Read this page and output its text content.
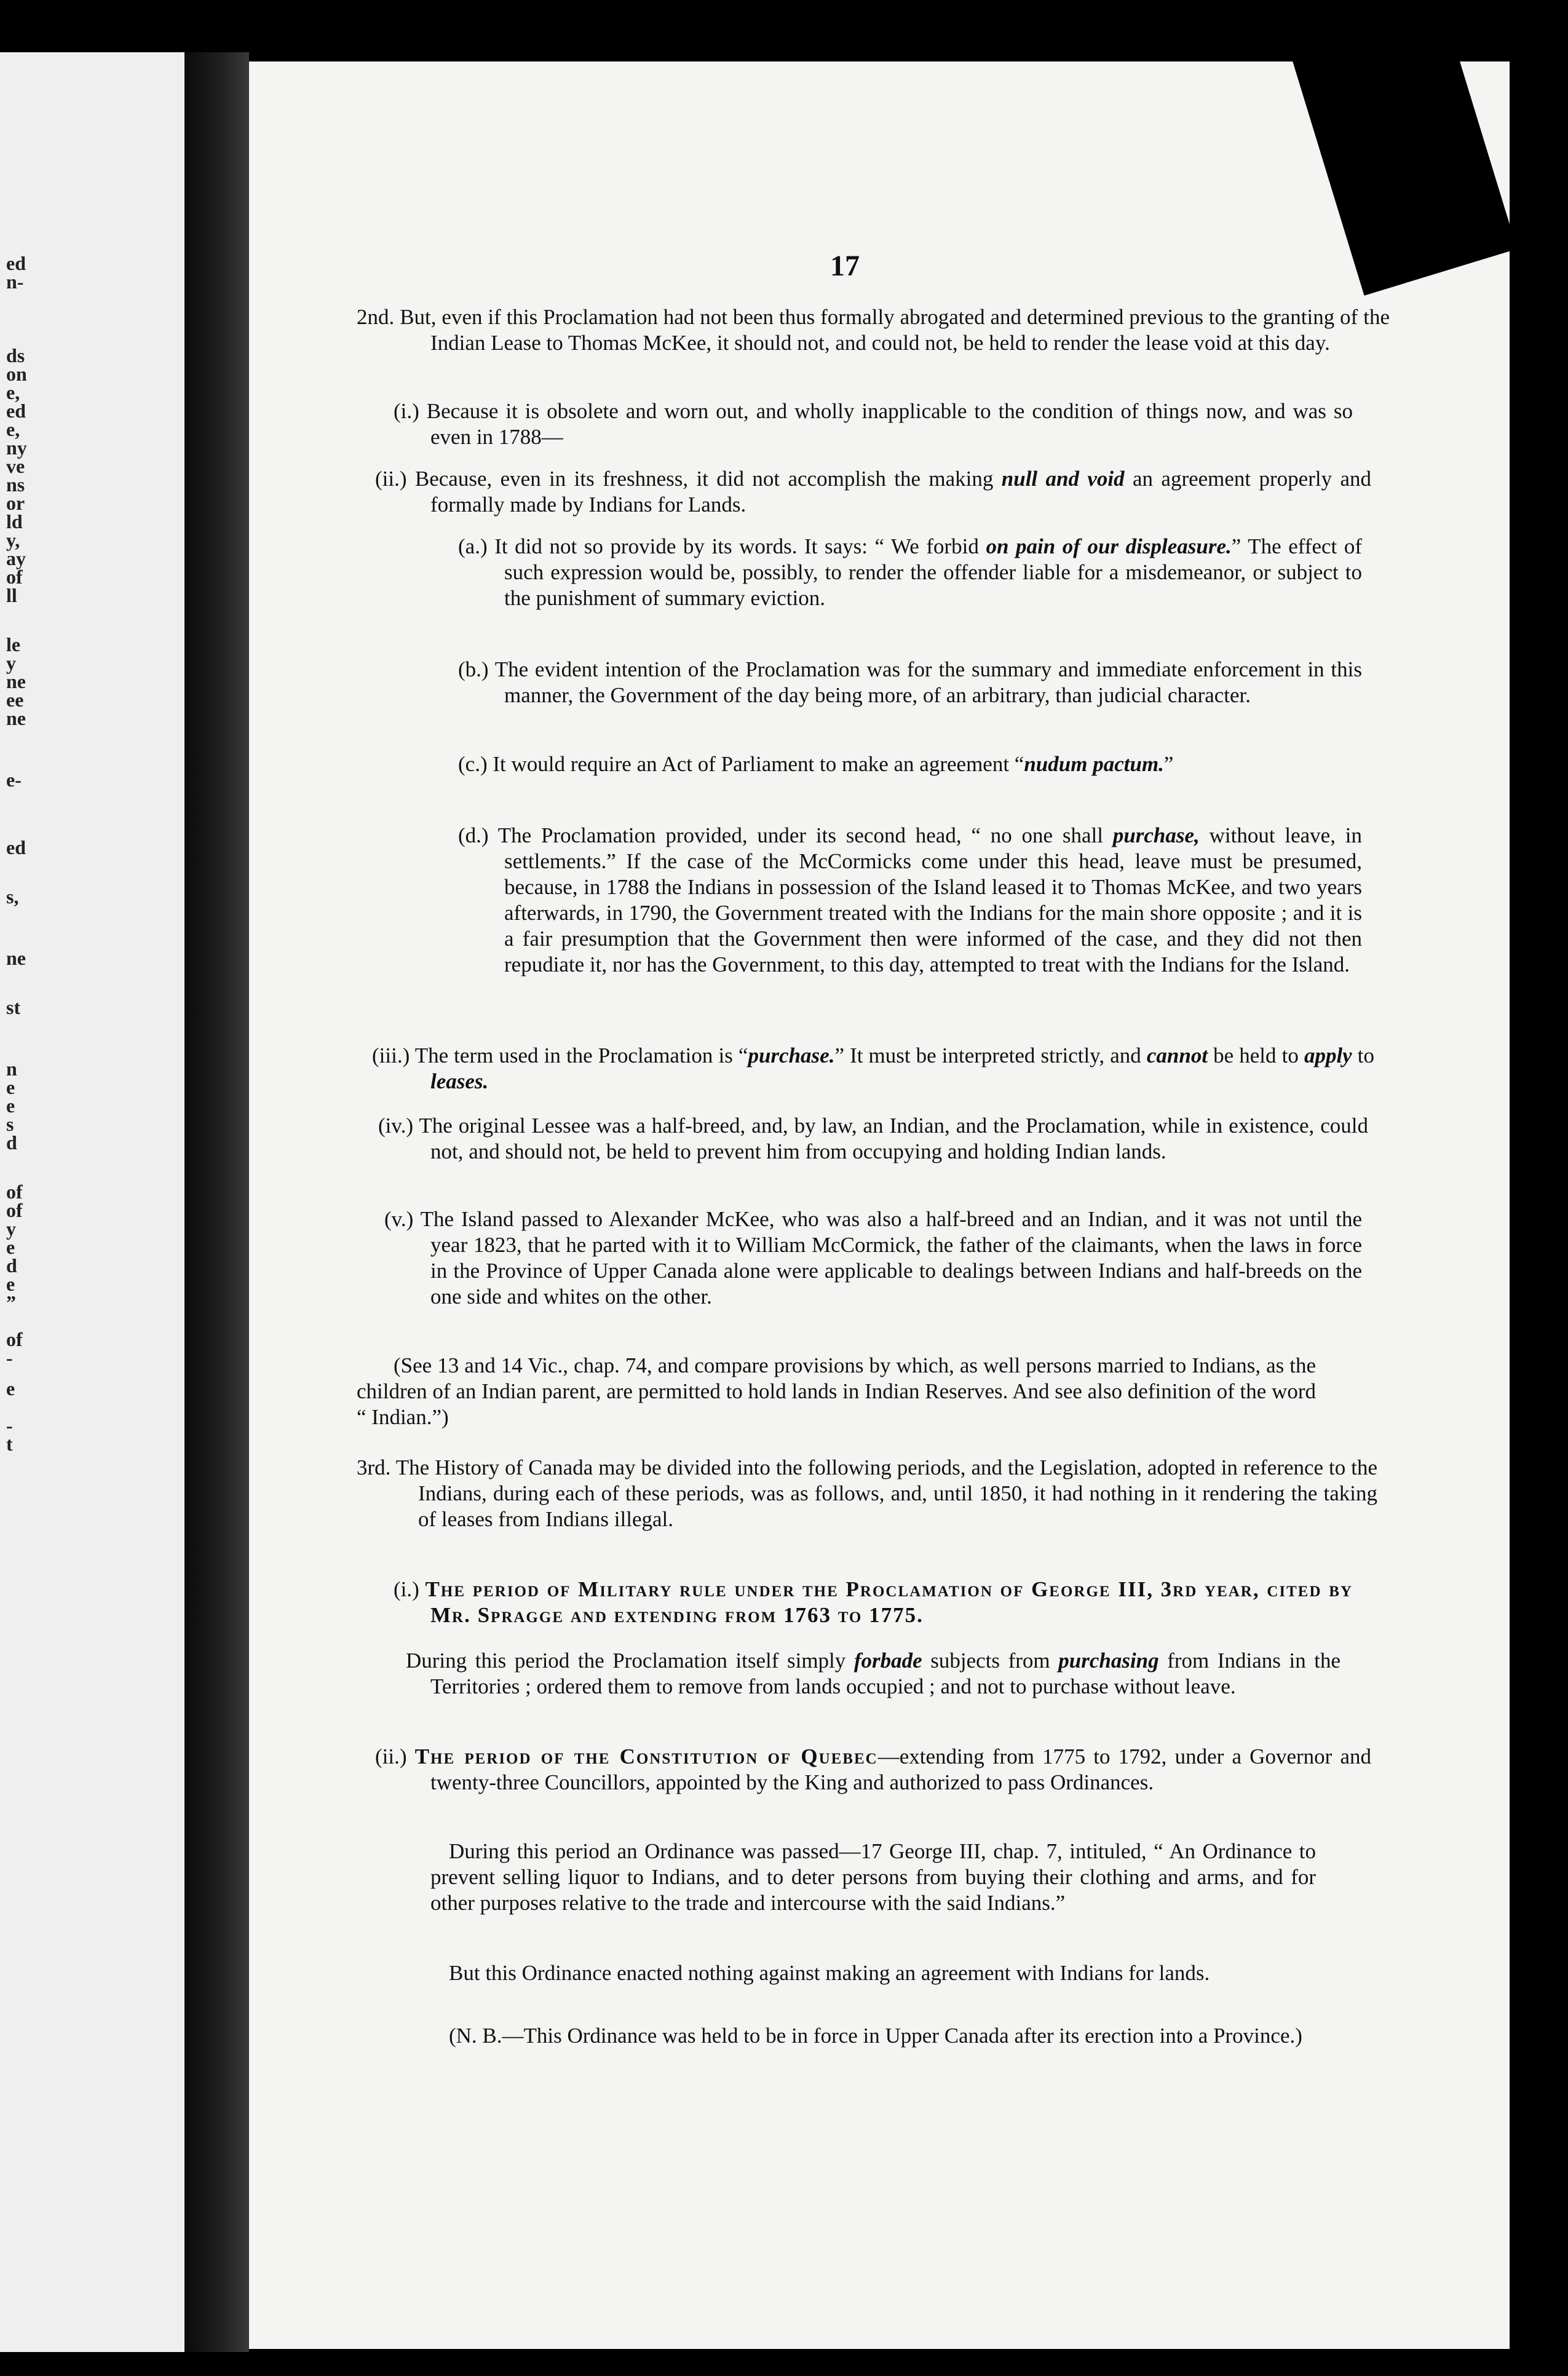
ed
n-
ds
on
e,
ed
e,
ny
ve
ns
or
ld
y,
ay
of
ll
le
y
ne
ee
ne
e-
ed
s,
ne
st
n
e
e
s
d
of
of
y
e
d
e
”
of
-
e
-
t
17
2nd. But, even if this Proclamation had not been thus formally abrogated and determined previous to the granting of the Indian Lease to Thomas McKee, it should not, and could not, be held to render the lease void at this day.
(i.) Because it is obsolete and worn out, and wholly inapplicable to the condition of things now, and was so even in 1788—
(ii.) Because, even in its freshness, it did not accomplish the making null and void an agreement properly and formally made by Indians for Lands.
(a.) It did not so provide by its words. It says: “ We forbid on pain of our displeasure.” The effect of such expression would be, possibly, to render the offender liable for a misdemeanor, or subject to the punishment of summary eviction.
(b.) The evident intention of the Proclamation was for the summary and immediate enforcement in this manner, the Government of the day being more, of an arbitrary, than judicial character.
(c.) It would require an Act of Parliament to make an agreement “nudum pactum.”
(d.) The Proclamation provided, under its second head, “ no one shall purchase, without leave, in settlements.” If the case of the McCormicks come under this head, leave must be presumed, because, in 1788 the Indians in possession of the Island leased it to Thomas McKee, and two years afterwards, in 1790, the Government treated with the Indians for the main shore opposite ; and it is a fair presumption that the Government then were informed of the case, and they did not then repudiate it, nor has the Government, to this day, attempted to treat with the Indians for the Island.
(iii.) The term used in the Proclamation is “purchase.” It must be interpreted strictly, and cannot be held to apply to leases.
(iv.) The original Lessee was a half-breed, and, by law, an Indian, and the Proclamation, while in existence, could not, and should not, be held to prevent him from occupying and holding Indian lands.
(v.) The Island passed to Alexander McKee, who was also a half-breed and an Indian, and it was not until the year 1823, that he parted with it to William McCormick, the father of the claimants, when the laws in force in the Province of Upper Canada alone were applicable to dealings between Indians and half-breeds on the one side and whites on the other.
(See 13 and 14 Vic., chap. 74, and compare provisions by which, as well persons married to Indians, as the children of an Indian parent, are permitted to hold lands in Indian Reserves. And see also definition of the word “ Indian.”)
3rd. The History of Canada may be divided into the following periods, and the Legislation, adopted in reference to the Indians, during each of these periods, was as follows, and, until 1850, it had nothing in it rendering the taking of leases from Indians illegal.
(i.) The period of Military rule under the Proclamation of George III, 3rd year, cited by Mr. Spragge and extending from 1763 to 1775.
During this period the Proclamation itself simply forbade subjects from purchasing from Indians in the Territories ; ordered them to remove from lands occupied ; and not to purchase without leave.
(ii.) The period of the Constitution of Quebec—extending from 1775 to 1792, under a Governor and twenty-three Councillors, appointed by the King and authorized to pass Ordinances.
During this period an Ordinance was passed—17 George III, chap. 7, intituled, “ An Ordinance to prevent selling liquor to Indians, and to deter persons from buying their clothing and arms, and for other purposes relative to the trade and intercourse with the said Indians.”
But this Ordinance enacted nothing against making an agreement with Indians for lands.
(N. B.—This Ordinance was held to be in force in Upper Canada after its erection into a Province.)
